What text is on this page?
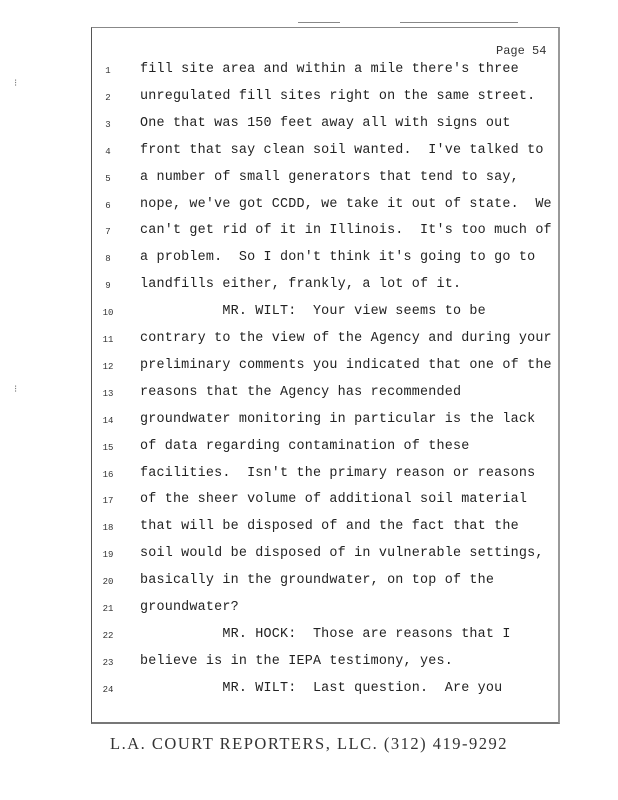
Page 54
1	fill site area and within a mile there's three
2	unregulated fill sites right on the same street.
3	One that was 150 feet away all with signs out
4	front that say clean soil wanted.  I've talked to
5	a number of small generators that tend to say,
6	nope, we've got CCDD, we take it out of state.  We
7	can't get rid of it in Illinois.  It's too much of
8	a problem.  So I don't think it's going to go to
9	landfills either, frankly, a lot of it.
10	MR. WILT:  Your view seems to be
11	contrary to the view of the Agency and during your
12	preliminary comments you indicated that one of the
13	reasons that the Agency has recommended
14	groundwater monitoring in particular is the lack
15	of data regarding contamination of these
16	facilities.  Isn't the primary reason or reasons
17	of the sheer volume of additional soil material
18	that will be disposed of and the fact that the
19	soil would be disposed of in vulnerable settings,
20	basically in the groundwater, on top of the
21	groundwater?
22	MR. HOCK:  Those are reasons that I
23	believe is in the IEPA testimony, yes.
24	MR. WILT:  Last question.  Are you
L.A. COURT REPORTERS, LLC. (312) 419-9292
⁝
⁝
